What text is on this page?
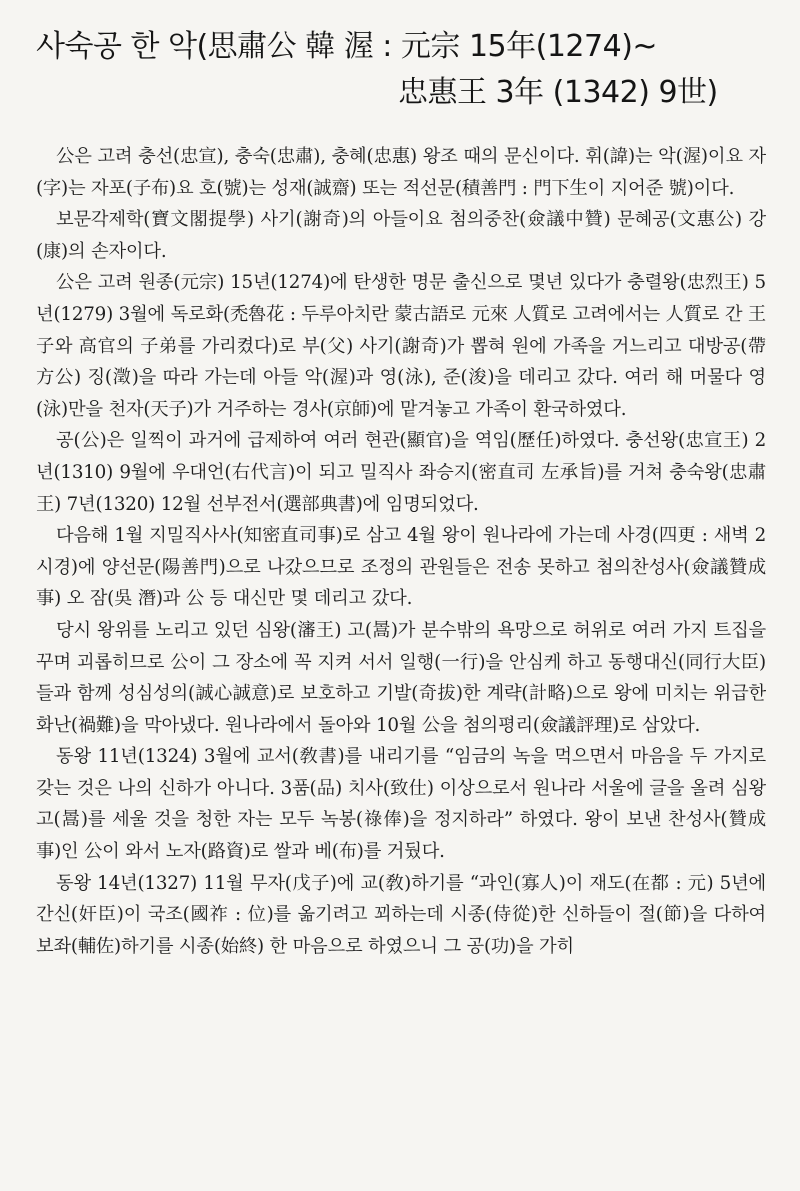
사숙공 한 악(思肅公 韓 渥 : 元宗 15年(1274)~
忠惠王 3年 (1342) 9世)

公은 고려 충선(忠宣), 충숙(忠肅), 충혜(忠惠) 왕조 때의 문신이다. 휘(諱)는 악(渥)이요 자(字)는 자포(子布)요 호(號)는 성재(誠齋) 또는 적선문(積善門 : 門下生이 지어준 號)이다.

보문각제학(寶文閣提學) 사기(謝奇)의 아들이요 첨의중찬(僉議中贊) 문혜공(文惠公) 강(康)의 손자이다.

公은 고려 원종(元宗) 15년(1274)에 탄생한 명문 출신으로 몇년 있다가 충렬왕(忠烈王) 5년(1279) 3월에 독로화(禿魯花 : 두루아치란 蒙古語로 元來 人質로 고려에서는 人質로 간 王子와 高官의 子弟를 가리켰다)로 부(父) 사기(謝奇)가 뽑혀 원에 가족을 거느리고 대방공(帶方公) 징(澂)을 따라 가는데 아들 악(渥)과 영(泳), 준(浚)을 데리고 갔다. 여러 해 머물다 영(泳)만을 천자(天子)가 거주하는 경사(京師)에 맡겨놓고 가족이 환국하였다.

공(公)은 일찍이 과거에 급제하여 여러 현관(顯官)을 역임(歷任)하였다. 충선왕(忠宣王) 2년(1310) 9월에 우대언(右代言)이 되고 밀직사 좌승지(密直司 左承旨)를 거쳐 충숙왕(忠肅王) 7년(1320) 12월 선부전서(選部典書)에 임명되었다.

다음해 1월 지밀직사사(知密直司事)로 삼고 4월 왕이 원나라에 가는데 사경(四更 : 새벽 2시경)에 양선문(陽善門)으로 나갔으므로 조정의 관원들은 전송 못하고 첨의찬성사(僉議贊成事) 오 잠(吳 潛)과 公 등 대신만 몇 데리고 갔다.

당시 왕위를 노리고 있던 심왕(瀋王) 고(暠)가 분수밖의 욕망으로 허위로 여러 가지 트집을 꾸며 괴롭히므로 公이 그 장소에 꼭 지켜 서서 일행(一行)을 안심케 하고 동행대신(同行大臣)들과 함께 성심성의(誠心誠意)로 보호하고 기발(奇拔)한 계략(計略)으로 왕에 미치는 위급한 화난(禍難)을 막아냈다. 원나라에서 돌아와 10월 公을 첨의평리(僉議評理)로 삼았다.

동왕 11년(1324) 3월에 교서(敎書)를 내리기를 “임금의 녹을 먹으면서 마음을 두 가지로 갖는 것은 나의 신하가 아니다. 3품(品) 치사(致仕) 이상으로서 원나라 서울에 글을 올려 심왕 고(暠)를 세울 것을 청한 자는 모두 녹봉(祿俸)을 정지하라” 하였다. 왕이 보낸 찬성사(贊成事)인 公이 와서 노자(路資)로 쌀과 베(布)를 거뒀다.

동왕 14년(1327) 11월 무자(戊子)에 교(敎)하기를 “과인(寡人)이 재도(在都 : 元) 5년에 간신(奸臣)이 국조(國祚 : 位)를 옮기려고 꾀하는데 시종(侍從)한 신하들이 절(節)을 다하여 보좌(輔佐)하기를 시종(始終) 한 마음으로 하였으니 그 공(功)을 가히
